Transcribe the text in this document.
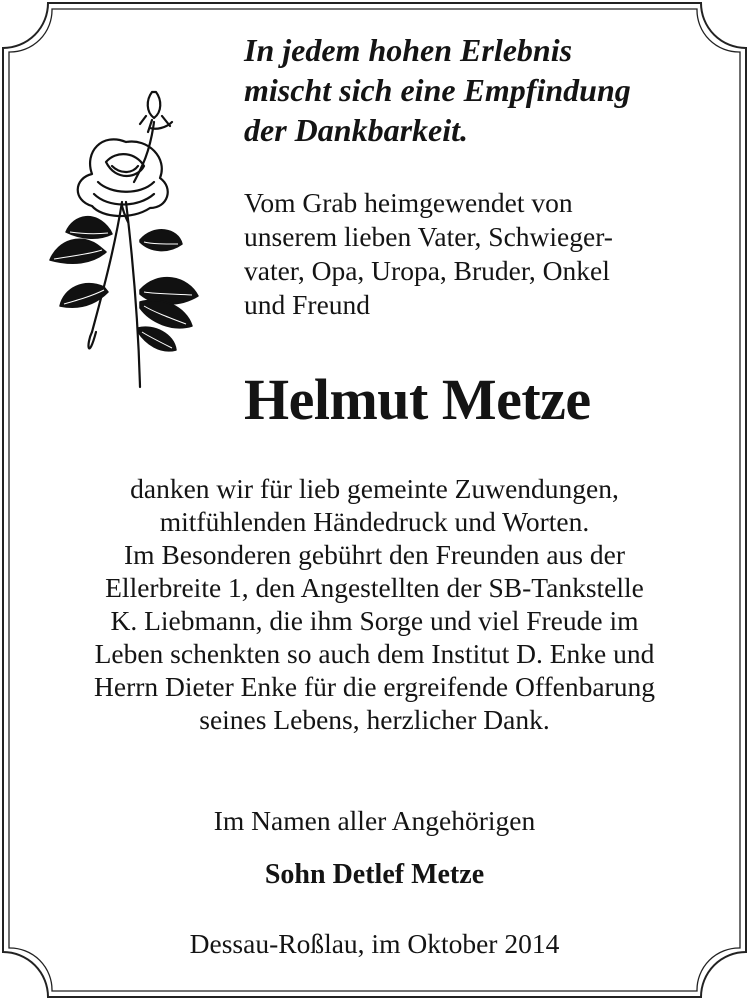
In jedem hohen Erlebnis
mischt sich eine Empfindung
der Dankbarkeit.
Vom Grab heimgewendet von
unserem lieben Vater, Schwieger-
vater, Opa, Uropa, Bruder, Onkel
und Freund
Helmut Metze
danken wir für lieb gemeinte Zuwendungen,
mitfühlenden Händedruck und Worten.
Im Besonderen gebührt den Freunden aus der
Ellerbreite 1, den Angestellten der SB-Tankstelle
K. Liebmann, die ihm Sorge und viel Freude im
Leben schenkten so auch dem Institut D. Enke und
Herrn Dieter Enke für die ergreifende Offenbarung
seines Lebens, herzlicher Dank.
Im Namen aller Angehörigen
Sohn Detlef Metze
Dessau-Roßlau, im Oktober 2014
